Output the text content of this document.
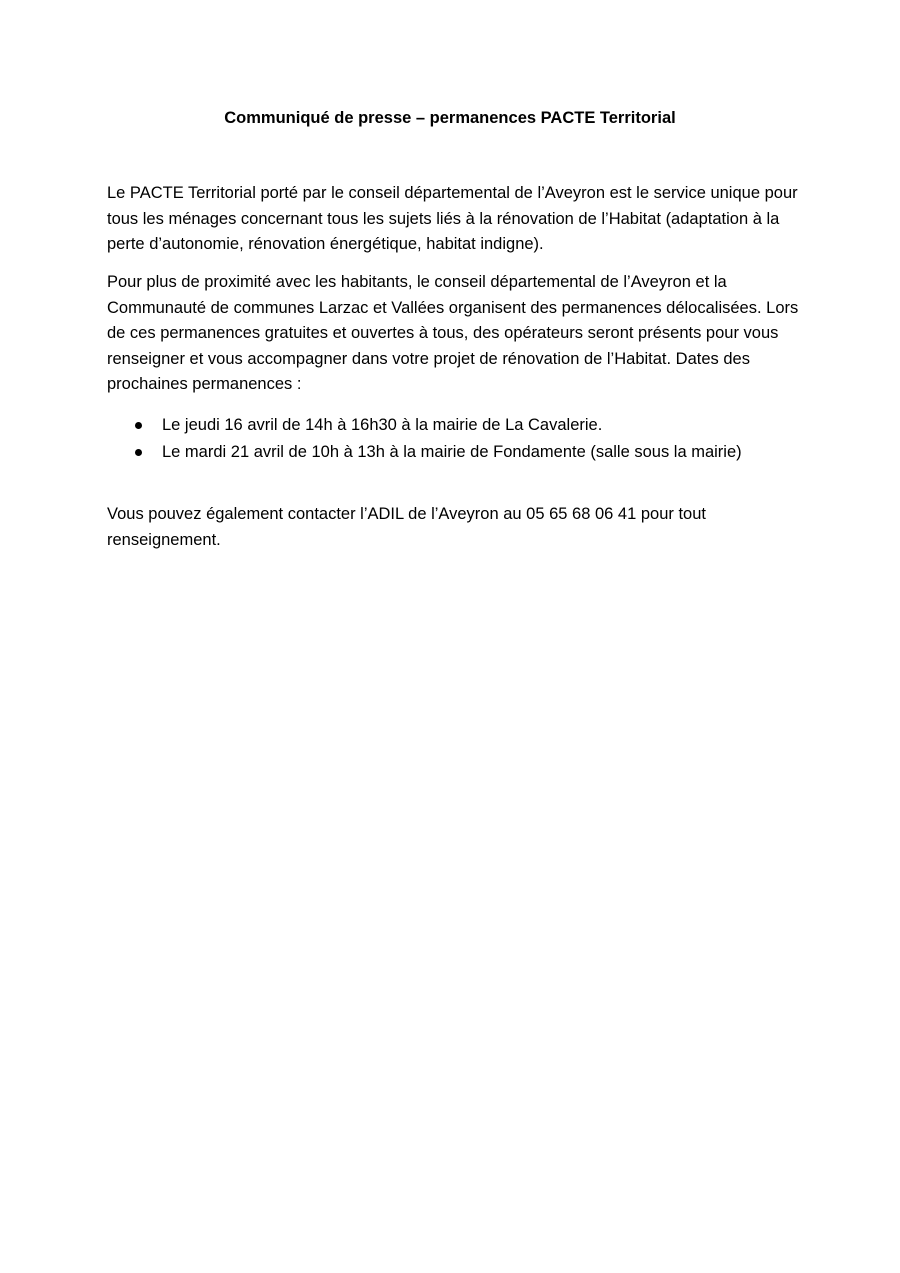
Communiqué de presse – permanences PACTE Territorial

Le PACTE Territorial porté par le conseil départemental de l’Aveyron est le service unique pour tous les ménages concernant tous les sujets liés à la rénovation de l’Habitat (adaptation à la perte d’autonomie, rénovation énergétique, habitat indigne).

Pour plus de proximité avec les habitants, le conseil départemental de l’Aveyron et la Communauté de communes Larzac et Vallées organisent des permanences délocalisées. Lors de ces permanences gratuites et ouvertes à tous, des opérateurs seront présents pour vous renseigner et vous accompagner dans votre projet de rénovation de l’Habitat. Dates des prochaines permanences :

Le jeudi 16 avril de 14h à 16h30 à la mairie de La Cavalerie.
Le mardi 21 avril de 10h à 13h à la mairie de Fondamente (salle sous la mairie)

Vous pouvez également contacter l’ADIL de l’Aveyron au 05 65 68 06 41 pour tout renseignement.
